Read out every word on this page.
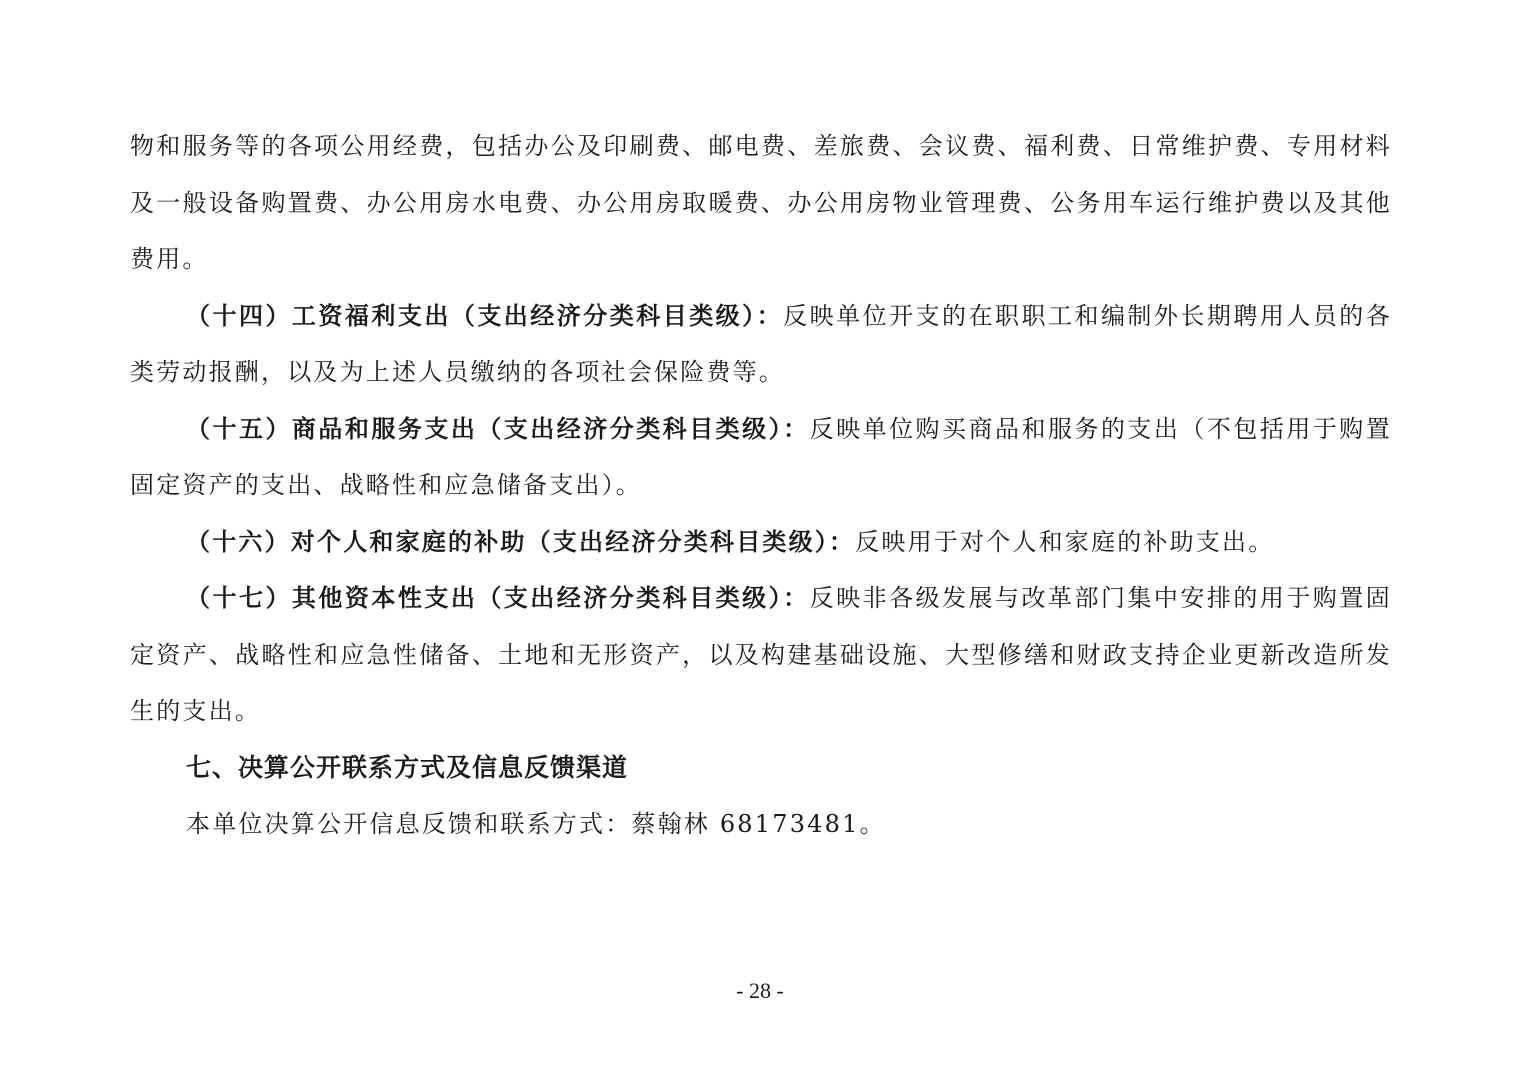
物和服务等的各项公用经费，包括办公及印刷费、邮电费、差旅费、会议费、福利费、日常维护费、专用材料及一般设备购置费、办公用房水电费、办公用房取暖费、办公用房物业管理费、公务用车运行维护费以及其他费用。

（十四）工资福利支出（支出经济分类科目类级）：反映单位开支的在职职工和编制外长期聘用人员的各类劳动报酬，以及为上述人员缴纳的各项社会保险费等。

（十五）商品和服务支出（支出经济分类科目类级）：反映单位购买商品和服务的支出（不包括用于购置固定资产的支出、战略性和应急储备支出）。

（十六）对个人和家庭的补助（支出经济分类科目类级）：反映用于对个人和家庭的补助支出。

（十七）其他资本性支出（支出经济分类科目类级）：反映非各级发展与改革部门集中安排的用于购置固定资产、战略性和应急性储备、土地和无形资产，以及构建基础设施、大型修缮和财政支持企业更新改造所发生的支出。

七、决算公开联系方式及信息反馈渠道

本单位决算公开信息反馈和联系方式：蔡翰林 68173481。

- 28 -
